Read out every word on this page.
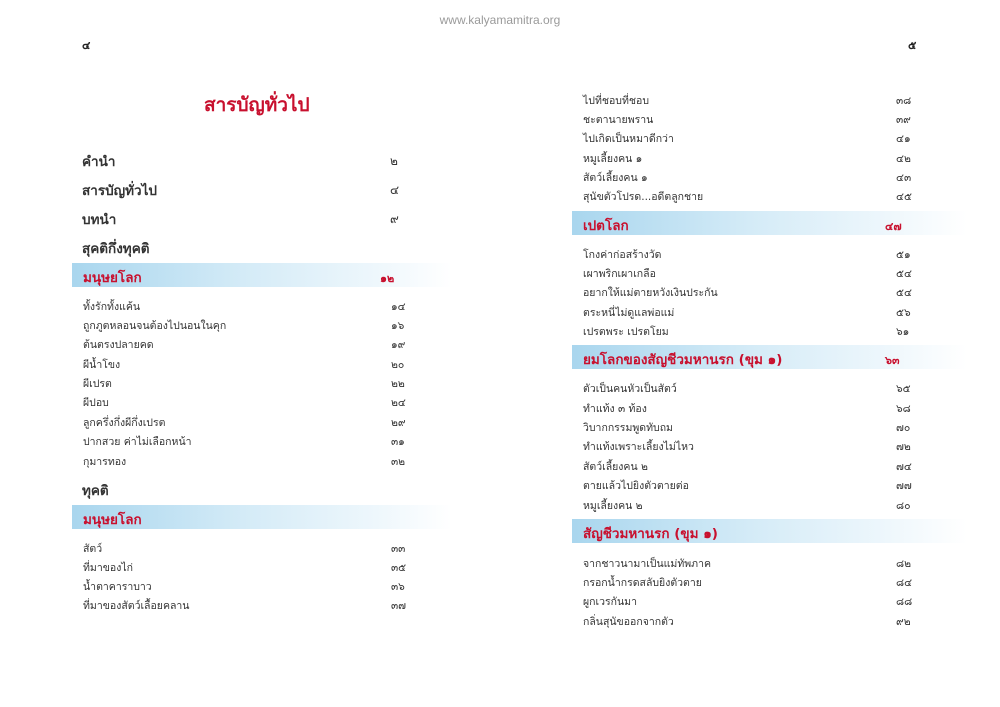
www.kalyamamitra.org
๔	๕
สารบัญทั่วไป
คำนำ	๒
สารบัญทั่วไป	๔
บทนำ	๙
สุคติกึ่งทุคติ
มนุษยโลก	๑๒
ทั้งรักทั้งแค้น	๑๔
ถูกภูตหลอนจนต้องไปนอนในคุก	๑๖
ต้นตรงปลายคด	๑๙
ผีน้ำโขง	๒๐
ผีเปรต	๒๒
ผีปอบ	๒๔
ลูกครึ่งกึ่งผีกึ่งเปรต	๒๙
ปากสวย ค่าไม่เลือกหน้า	๓๑
กุมารทอง	๓๒
ทุคติ
มนุษยโลก
สัตว์	๓๓
ที่มาของไก่	๓๕
น้ำตาคาราบาว	๓๖
ที่มาของสัตว์เลื้อยคลาน	๓๗
ไปที่ชอบที่ชอบ	๓๘
ชะตานายพราน	๓๙
ไปเกิดเป็นหมาดีกว่า	๔๑
หมูเลี้ยงคน ๑	๔๒
สัตว์เลี้ยงคน ๑	๔๓
สุนัขตัวโปรด...อดีตลูกชาย	๔๕
เปตโลก	๔๗
โกงค่าก่อสร้างวัด	๕๑
เผาพริกเผาเกลือ	๕๔
อยากให้แม่ตายหวังเงินประกัน	๕๔
ตระหนี่ไม่ดูแลพ่อแม่	๕๖
เปรตพระ เปรตโยม	๖๑
ยมโลกของสัญชีวมหานรก (ขุม ๑)	๖๓
ตัวเป็นคนหัวเป็นสัตว์	๖๕
ทำแท้ง ๓ ท้อง	๖๘
วิบากกรรมพูดทับถม	๗๐
ทำแท้งเพราะเลี้ยงไม่ไหว	๗๒
สัตว์เลี้ยงคน ๒	๗๔
ตายแล้วไปยิงตัวตายต่อ	๗๗
หมูเลี้ยงคน ๒	๘๐
สัญชีวมหานรก (ขุม ๑)
จากชาวนามาเป็นแม่ทัพภาค	๘๒
กรอกน้ำกรดสลับยิงตัวตาย	๘๔
ผูกเวรกันมา	๘๘
กลิ่นสุนัขออกจากตัว	๙๒
